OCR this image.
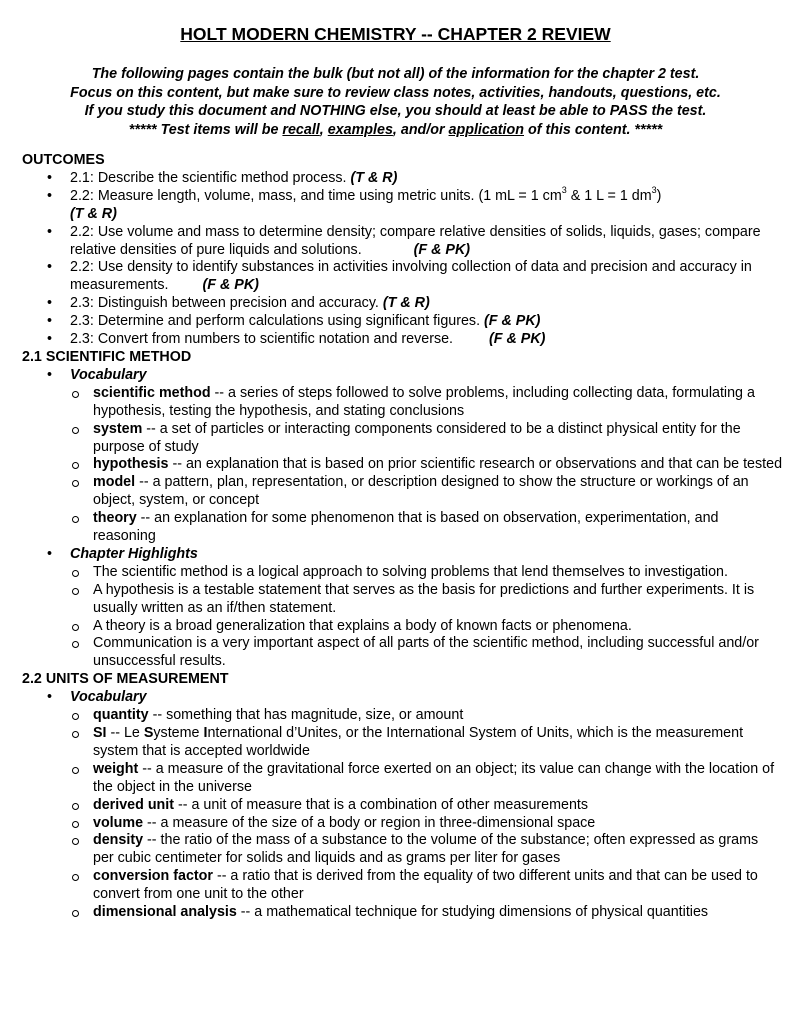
HOLT MODERN CHEMISTRY -- CHAPTER 2 REVIEW
The following pages contain the bulk (but not all) of the information for the chapter 2 test.
Focus on this content, but make sure to review class notes, activities, handouts, questions, etc.
If you study this document and NOTHING else, you should at least be able to PASS the test.
***** Test items will be recall, examples, and/or application of this content. *****
OUTCOMES
• 2.1: Describe the scientific method process. (T & R)
• 2.2: Measure length, volume, mass, and time using metric units. (1 mL = 1 $cm^3$ & 1 L = 1 $dm^3$)
(T & R)
• 2.2: Use volume and mass to determine density; compare relative densities of solids, liquids, gases; compare relative densities of pure liquids and solutions.	(F & PK)
• 2.2: Use density to identify substances in activities involving collection of data and precision and accuracy in measurements. (F & PK)
• 2.3: Distinguish between precision and accuracy. (T & R)
• 2.3: Determine and perform calculations using significant figures. (F & PK)
• 2.3: Convert from numbers to scientific notation and reverse.	(F & PK)
2.1 SCIENTIFIC METHOD
• Vocabulary
scientific method -- a series of steps followed to solve problems, including collecting data, formulating a hypothesis, testing the hypothesis, and stating conclusions
system -- a set of particles or interacting components considered to be a distinct physical entity for the purpose of study
hypothesis -- an explanation that is based on prior scientific research or observations and that can be tested
model -- a pattern, plan, representation, or description designed to show the structure or workings of an object, system, or concept
theory -- an explanation for some phenomenon that is based on observation, experimentation, and reasoning
• Chapter Highlights
The scientific method is a logical approach to solving problems that lend themselves to investigation.
A hypothesis is a testable statement that serves as the basis for predictions and further experiments. It is usually written as an if/then statement.
A theory is a broad generalization that explains a body of known facts or phenomena.
Communication is a very important aspect of all parts of the scientific method, including successful and/or unsuccessful results.
2.2 UNITS OF MEASUREMENT
• Vocabulary
quantity -- something that has magnitude, size, or amount
SI -- Le Systeme International d’Unites, or the International System of Units, which is the measurement system that is accepted worldwide
weight -- a measure of the gravitational force exerted on an object; its value can change with the location of the object in the universe
derived unit -- a unit of measure that is a combination of other measurements
volume -- a measure of the size of a body or region in three-dimensional space
density -- the ratio of the mass of a substance to the volume of the substance; often expressed as grams per cubic centimeter for solids and liquids and as grams per liter for gases
conversion factor -- a ratio that is derived from the equality of two different units and that can be used to convert from one unit to the other
dimensional analysis -- a mathematical technique for studying dimensions of physical quantities
